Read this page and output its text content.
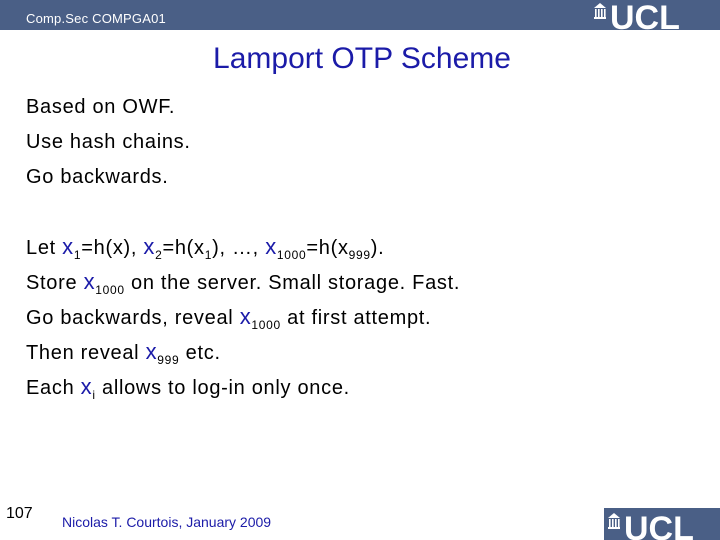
Comp.Sec COMPGA01	UCL
Lamport OTP Scheme
Based on OWF.
Use hash chains.
Go backwards.
Let $x_1=h(x)$, $x_2=h(x_1)$, …, $x_{1000}=h(x_{999})$.
Store $x_{1000}$ on the server. Small storage. Fast.
Go backwards, reveal $x_{1000}$ at first attempt.
Then reveal $x_{999}$ etc.
Each $x_i$ allows to log-in only once.
107 Nicolas T. Courtois, January 2009	UCL
